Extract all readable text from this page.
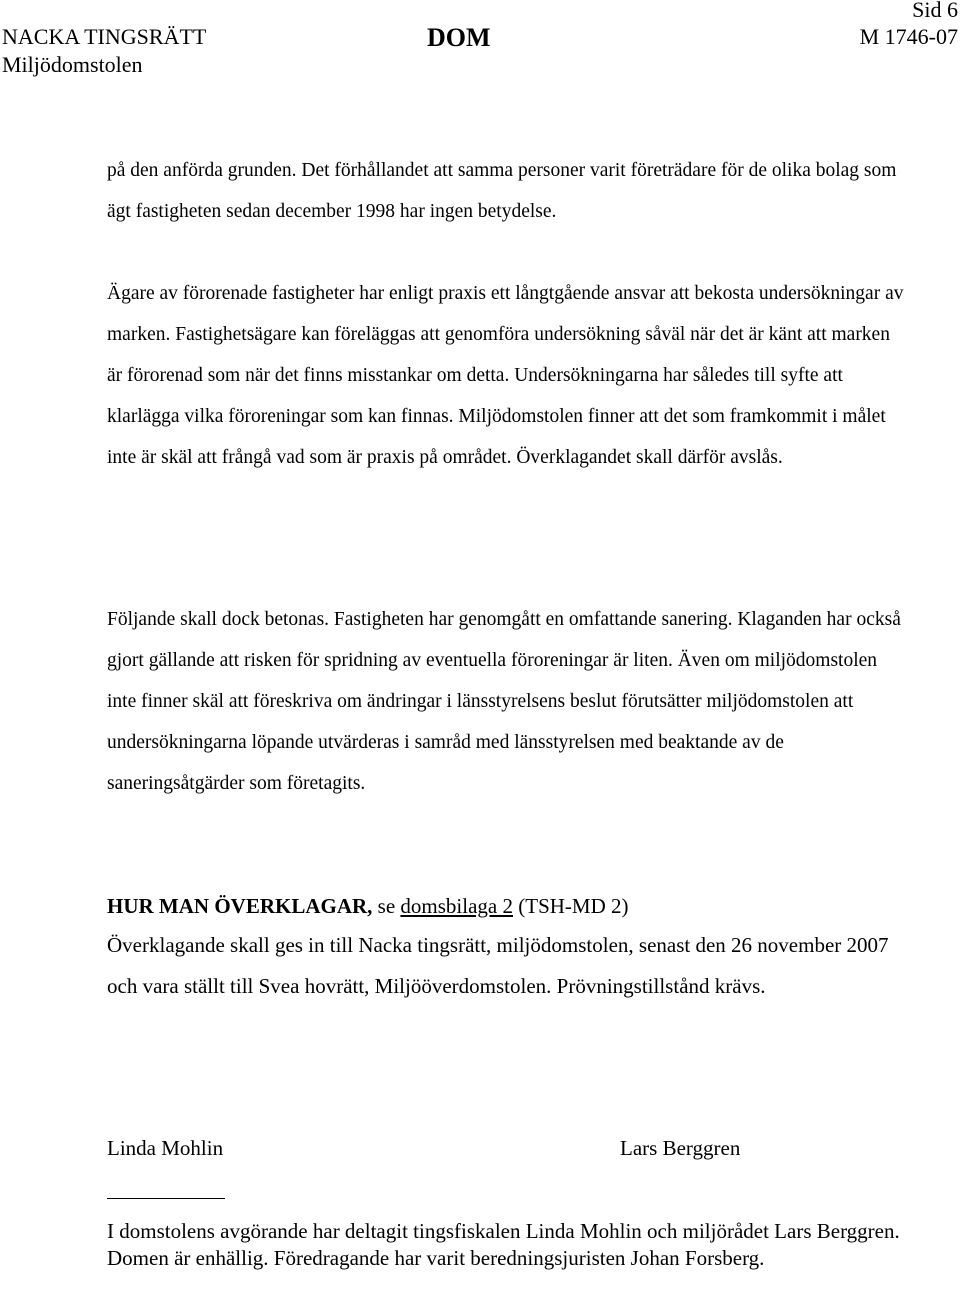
Sid 6
NACKA TINGSRÄTT
Miljödomstolen
DOM	M 1746-07

på den anförda grunden. Det förhållandet att samma personer varit företrädare för de olika bolag som ägt fastigheten sedan december 1998 har ingen betydelse.

Ägare av förorenade fastigheter har enligt praxis ett långtgående ansvar att bekosta undersökningar av marken. Fastighetsägare kan föreläggas att genomföra undersökning såväl när det är känt att marken är förorenad som när det finns misstankar om detta. Undersökningarna har således till syfte att klarlägga vilka föroreningar som kan finnas. Miljödomstolen finner att det som framkommit i målet inte är skäl att frångå vad som är praxis på området. Överklagandet skall därför avslås.

Följande skall dock betonas. Fastigheten har genomgått en omfattande sanering. Klaganden har också gjort gällande att risken för spridning av eventuella föroreningar är liten. Även om miljödomstolen inte finner skäl att föreskriva om ändringar i länsstyrelsens beslut förutsätter miljödomstolen att undersökningarna löpande utvärderas i samråd med länsstyrelsen med beaktande av de saneringsåtgärder som företagits.

HUR MAN ÖVERKLAGAR, se domsbilaga 2 (TSH-MD 2)

Överklagande skall ges in till Nacka tingsrätt, miljödomstolen, senast den 26 november 2007 och vara ställt till Svea hovrätt, Miljööverdomstolen. Prövningstillstånd krävs.

Linda Mohlin	Lars Berggren

I domstolens avgörande har deltagit tingsfiskalen Linda Mohlin och miljörådet Lars Berggren. Domen är enhällig. Föredragande har varit beredningsjuristen Johan Forsberg.
